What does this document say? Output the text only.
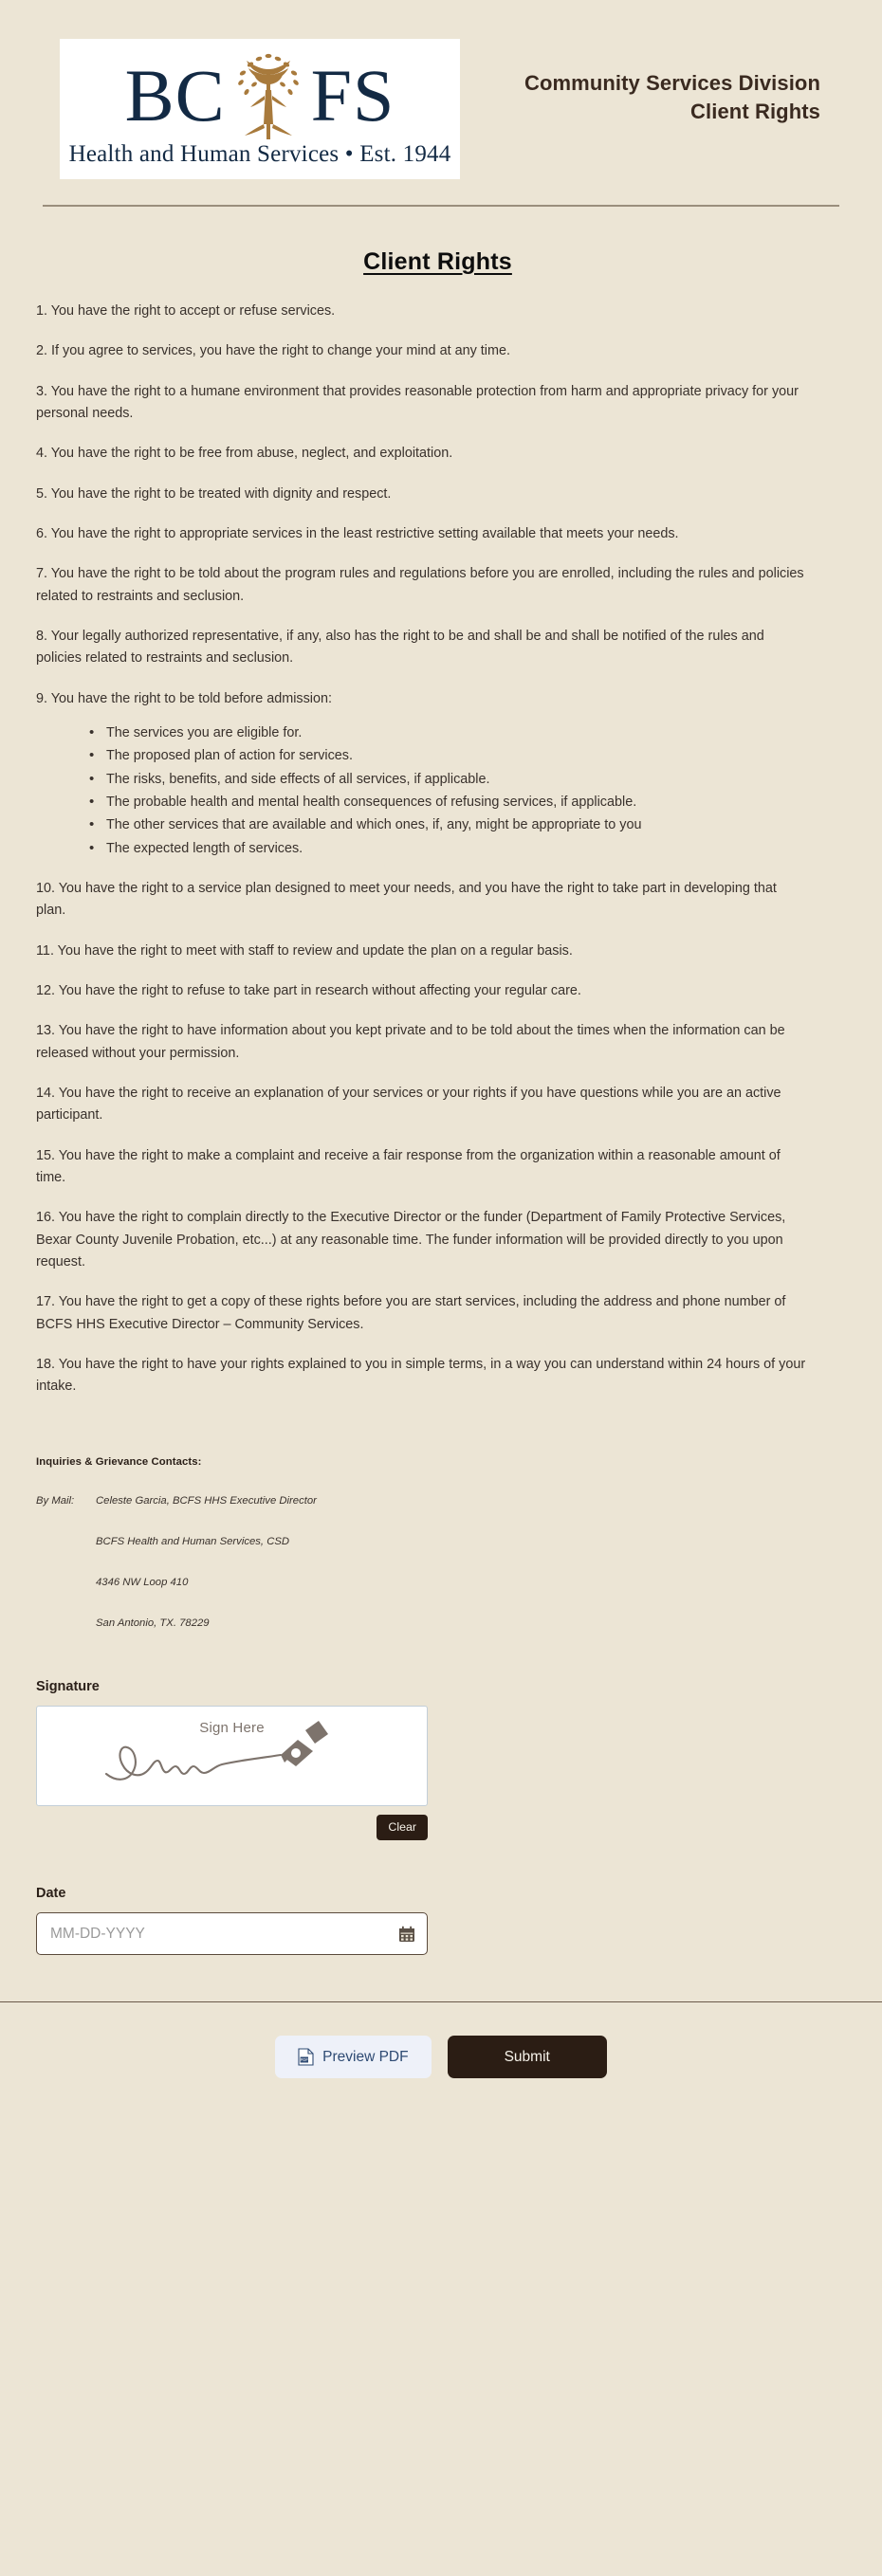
BC FS
Health and Human Services • Est. 1944
Community Services Division
Client Rights
Client Rights

1. You have the right to accept or refuse services.

2. If you agree to services, you have the right to change your mind at any time.

3. You have the right to a humane environment that provides reasonable protection from harm and appropriate privacy for your personal needs.

4. You have the right to be free from abuse, neglect, and exploitation.

5. You have the right to be treated with dignity and respect.

6. You have the right to appropriate services in the least restrictive setting available that meets your needs.

7. You have the right to be told about the program rules and regulations before you are enrolled, including the rules and policies related to restraints and seclusion.

8. Your legally authorized representative, if any, also has the right to be and shall be and shall be notified of the rules and policies related to restraints and seclusion.

9. You have the right to be told before admission:

• The services you are eligible for.
• The proposed plan of action for services.
• The risks, benefits, and side effects of all services, if applicable.
• The probable health and mental health consequences of refusing services, if applicable.
• The other services that are available and which ones, if, any, might be appropriate to you
• The expected length of services.

10. You have the right to a service plan designed to meet your needs, and you have the right to take part in developing that plan.

11. You have the right to meet with staff to review and update the plan on a regular basis.

12. You have the right to refuse to take part in research without affecting your regular care.

13. You have the right to have information about you kept private and to be told about the times when the information can be released without your permission.

14. You have the right to receive an explanation of your services or your rights if you have questions while you are an active participant.

15. You have the right to make a complaint and receive a fair response from the organization within a reasonable amount of time.

16. You have the right to complain directly to the Executive Director or the funder (Department of Family Protective Services, Bexar County Juvenile Probation, etc...) at any reasonable time. The funder information will be provided directly to you upon request.

17. You have the right to get a copy of these rights before you are start services, including the address and phone number of BCFS HHS Executive Director – Community Services.

18. You have the right to have your rights explained to you in simple terms, in a way you can understand within 24 hours of your intake.

Inquiries & Grievance Contacts:
By Mail:	Celeste Garcia, BCFS HHS Executive Director
BCFS Health and Human Services, CSD
4346 NW Loop 410
San Antonio, TX. 78229
Signature
Sign Here
Clear
Date
MM-DD-YYYY
PDF Preview PDF	Submit
